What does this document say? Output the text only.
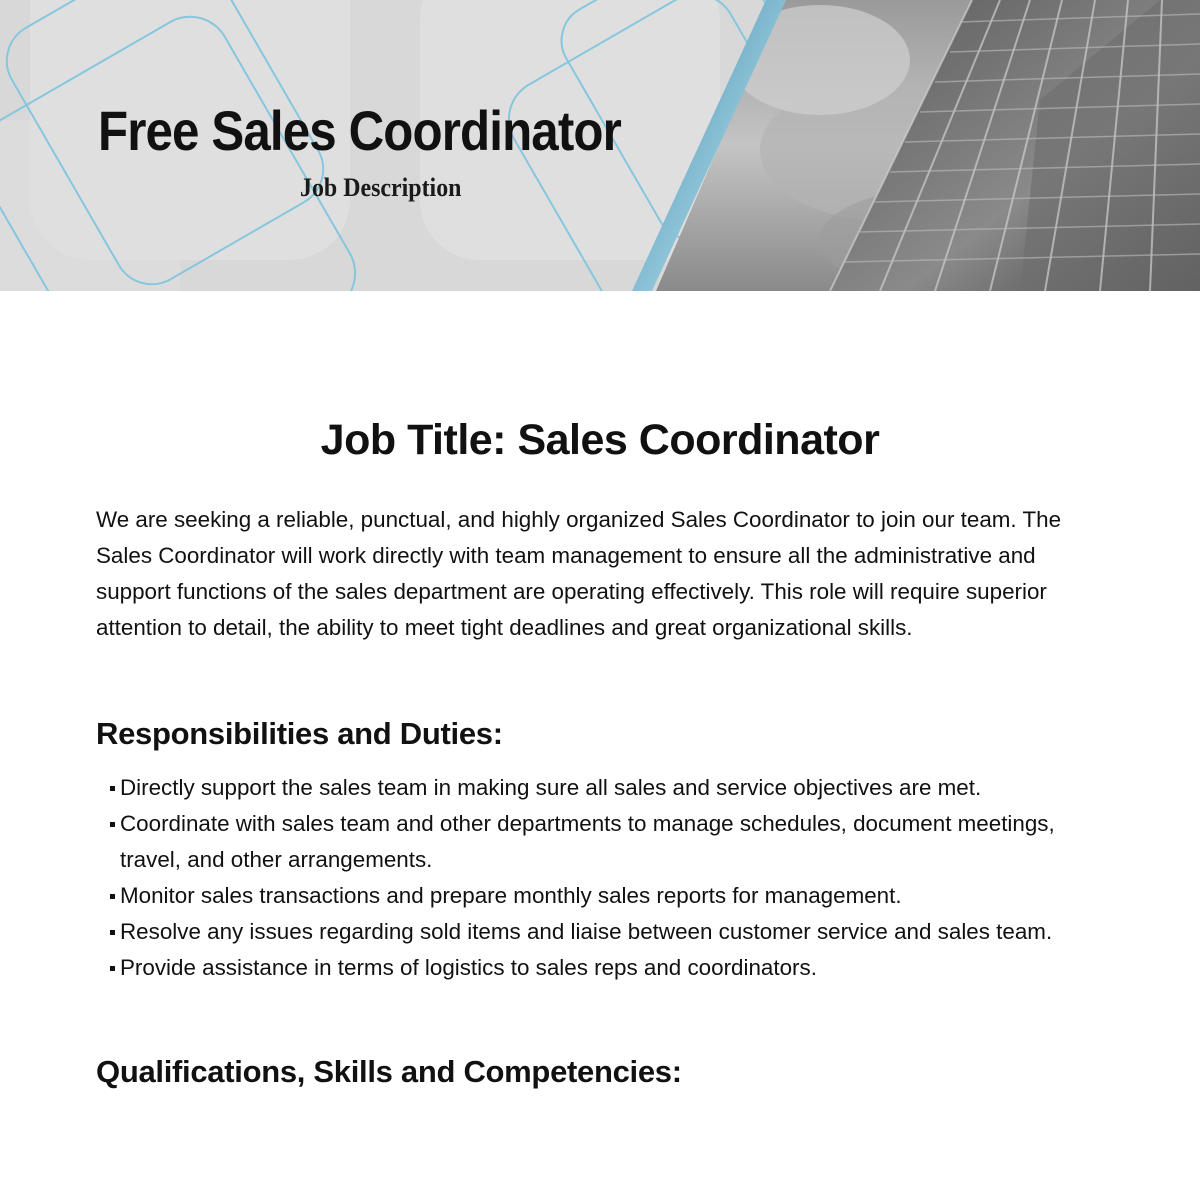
Free Sales Coordinator
Job Description
Job Title: Sales Coordinator

We are seeking a reliable, punctual, and highly organized Sales Coordinator to join our team. The Sales Coordinator will work directly with team management to ensure all the administrative and support functions of the sales department are operating effectively. This role will require superior attention to detail, the ability to meet tight deadlines and great organizational skills.

Responsibilities and Duties:
Directly support the sales team in making sure all sales and service objectives are met.
Coordinate with sales team and other departments to manage schedules, document meetings, travel, and other arrangements.
Monitor sales transactions and prepare monthly sales reports for management.
Resolve any issues regarding sold items and liaise between customer service and sales team.
Provide assistance in terms of logistics to sales reps and coordinators.
Qualifications, Skills and Competencies:
